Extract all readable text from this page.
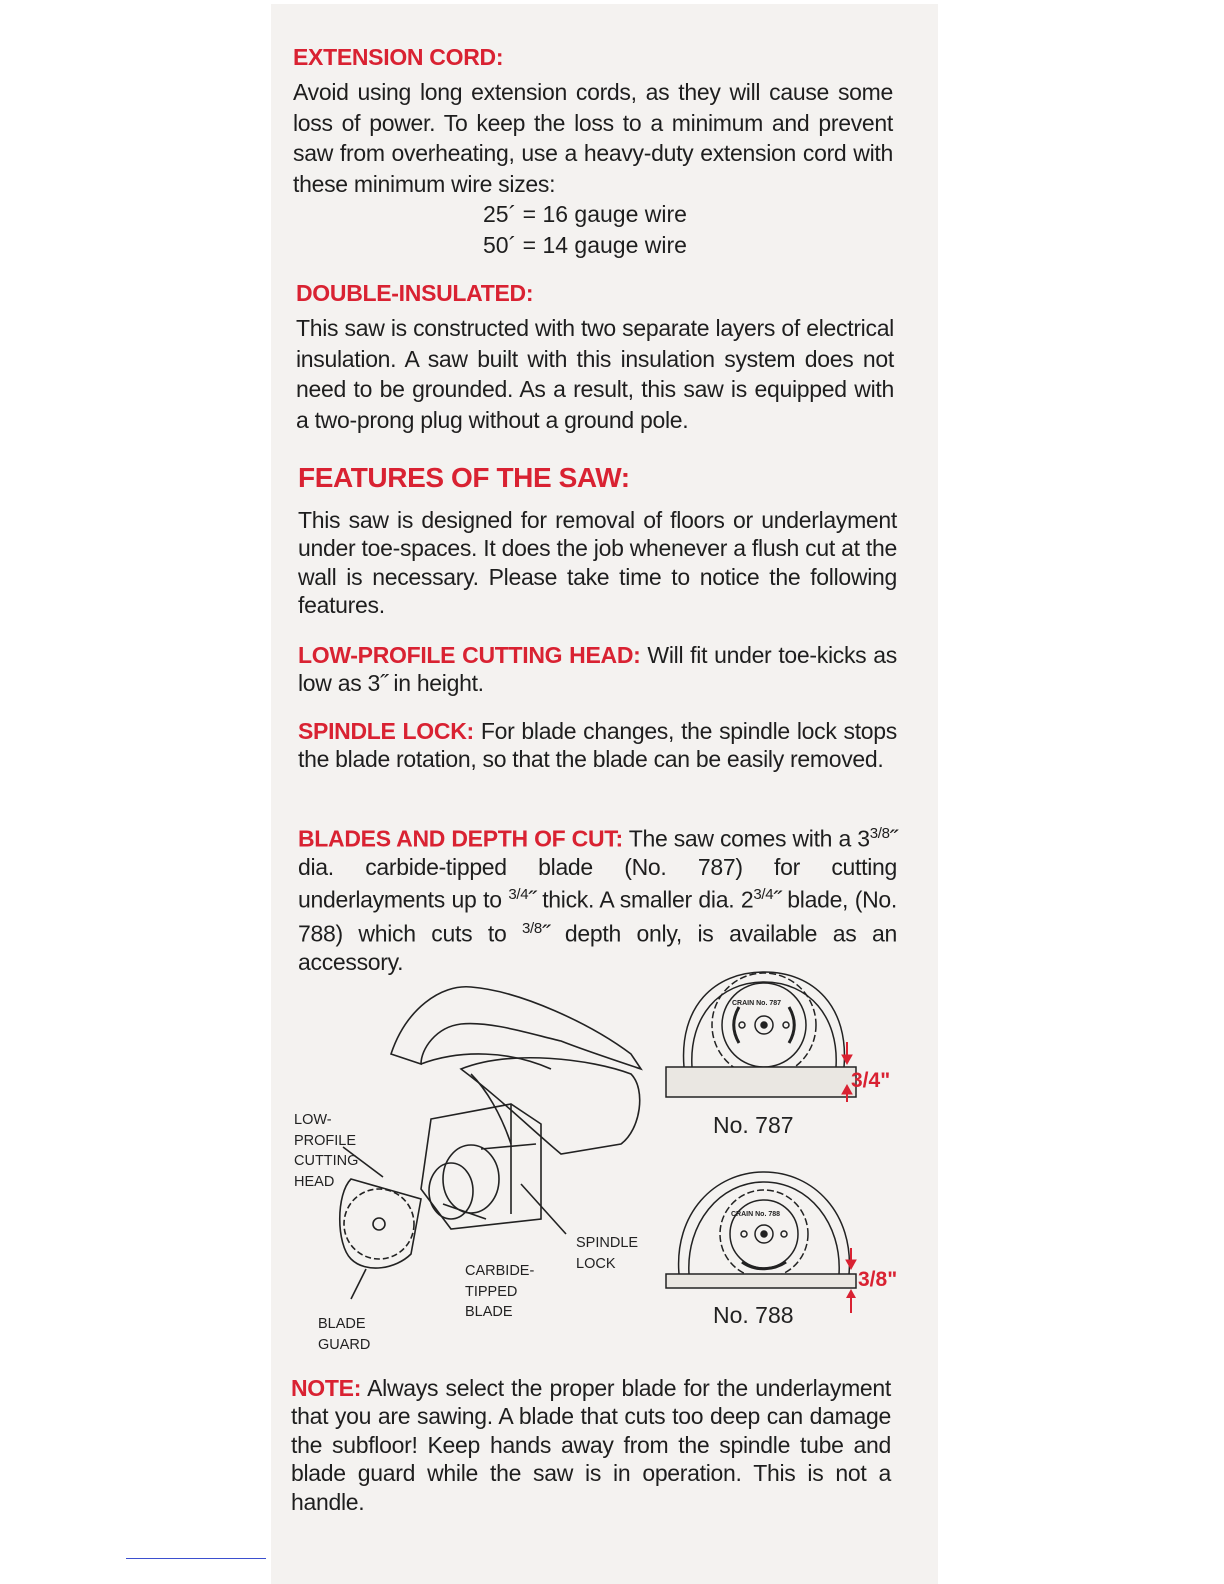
EXTENSION CORD:
Avoid using long extension cords, as they will cause some loss of power. To keep the loss to a minimum and prevent saw from overheating, use a heavy-duty extension cord with these minimum wire sizes:
25´ = 16 gauge wire
50´ = 14 gauge wire
DOUBLE-INSULATED:
This saw is constructed with two separate layers of electrical insulation. A saw built with this insulation system does not need to be grounded. As a result, this saw is equipped with a two-prong plug without a ground pole.
FEATURES OF THE SAW:
This saw is designed for removal of floors or underlayment under toe-spaces. It does the job whenever a flush cut at the wall is necessary. Please take time to notice the following features.
LOW-PROFILE CUTTING HEAD: Will fit under toe-kicks as low as 3˝ in height.
SPINDLE LOCK: For blade changes, the spindle lock stops the blade rotation, so that the blade can be easily removed.
BLADES AND DEPTH OF CUT: The saw comes with a $3^{3/8}˝$ dia. carbide-tipped blade (No. 787) for cutting underlayments up to $^{3/4}$˝ thick. A smaller dia. $2^{3/4}˝$ blade, (No. 788) which cuts to $^{3/8}$˝ depth only, is available as an accessory.
LOW-
PROFILE
CUTTING
HEAD
SPINDLE
LOCK
CARBIDE-
TIPPED
BLADE
BLADE
GUARD
CRAIN No. 787
3/4"
No. 787
CRAIN No. 788
3/8"
No. 788
NOTE: Always select the proper blade for the underlayment that you are sawing. A blade that cuts too deep can damage the subfloor! Keep hands away from the spindle tube and blade guard while the saw is in operation. This is not a handle.
